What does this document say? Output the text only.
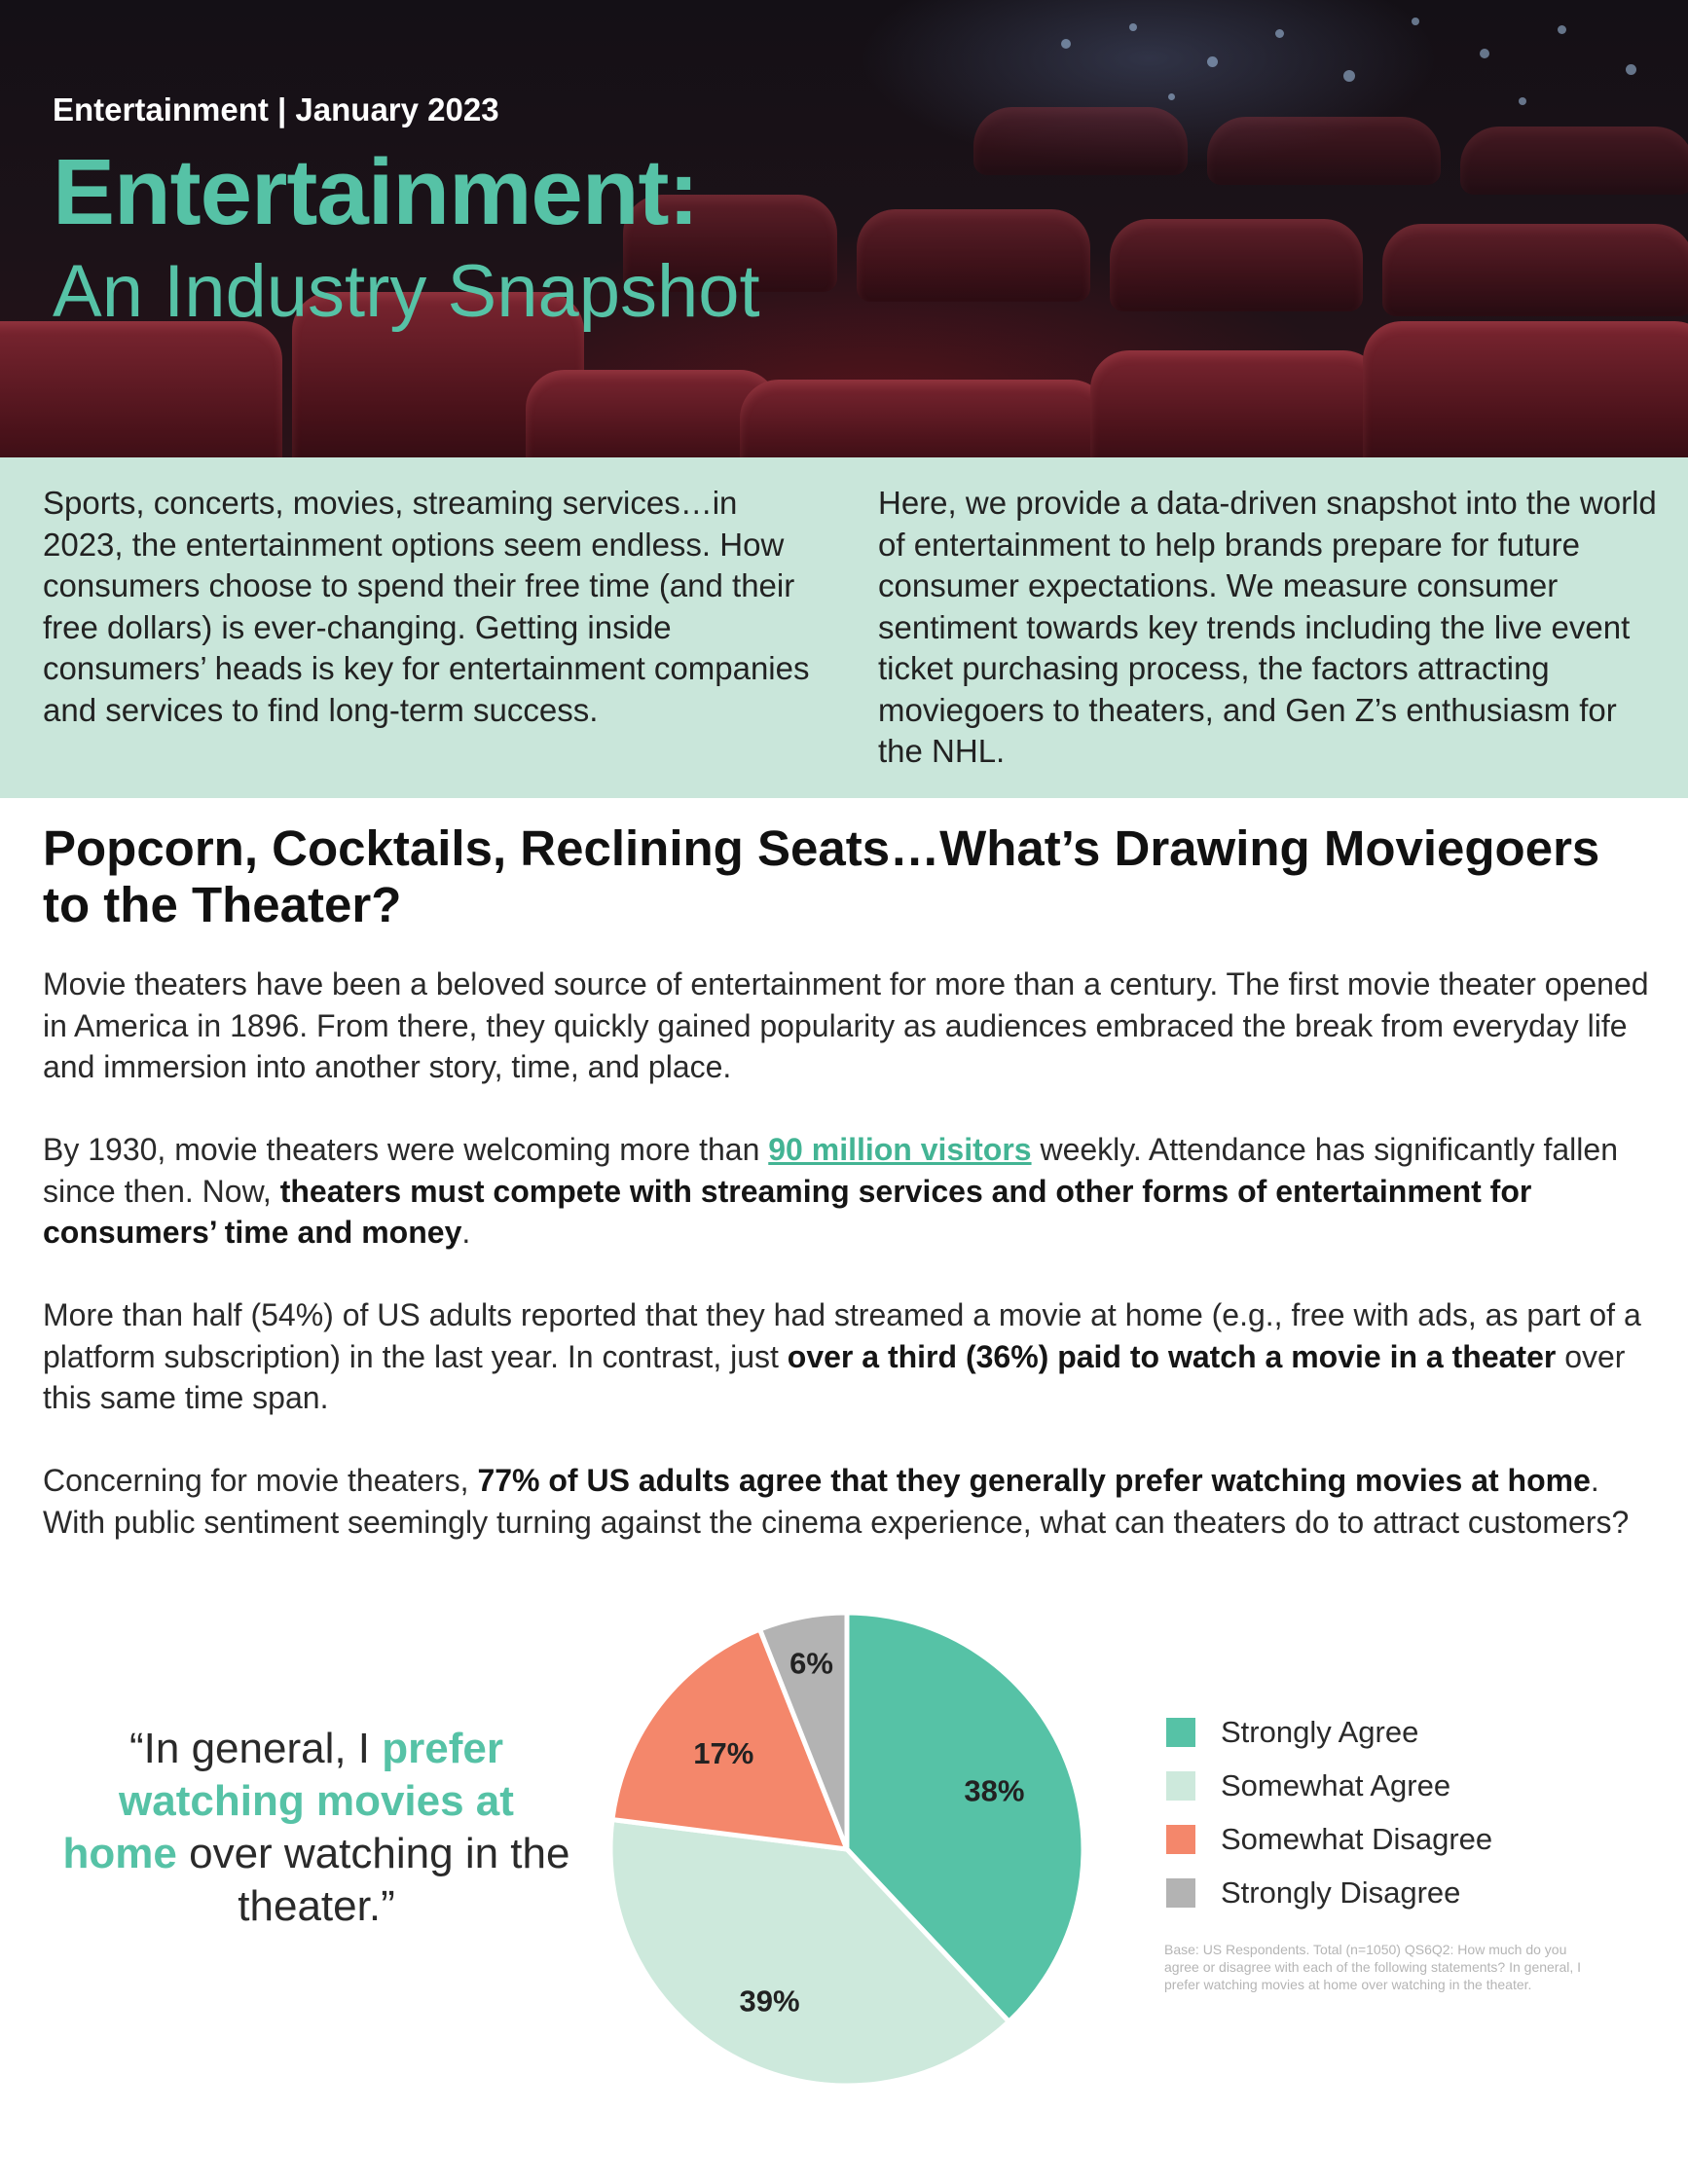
Entertainment | January 2023
Entertainment:
An Industry Snapshot

Sports, concerts, movies, streaming services…in 2023, the entertainment options seem endless. How consumers choose to spend their free time (and their free dollars) is ever-changing. Getting inside consumers’ heads is key for entertainment companies and services to find long-term success.

Here, we provide a data-driven snapshot into the world of entertainment to help brands prepare for future consumer expectations. We measure consumer sentiment towards key trends including the live event ticket purchasing process, the factors attracting moviegoers to theaters, and Gen Z’s enthusiasm for the NHL.

Popcorn, Cocktails, Reclining Seats…What’s Drawing Moviegoers to the Theater?

Movie theaters have been a beloved source of entertainment for more than a century. The first movie theater opened in America in 1896. From there, they quickly gained popularity as audiences embraced the break from everyday life and immersion into another story, time, and place.

By 1930, movie theaters were welcoming more than 90 million visitors weekly. Attendance has significantly fallen since then. Now, theaters must compete with streaming services and other forms of entertainment for consumers’ time and money.

More than half (54%) of US adults reported that they had streamed a movie at home (e.g., free with ads, as part of a platform subscription) in the last year. In contrast, just over a third (36%) paid to watch a movie in a theater over this same time span.

Concerning for movie theaters, 77% of US adults agree that they generally prefer watching movies at home. With public sentiment seemingly turning against the cinema experience, what can theaters do to attract customers?

“In general, I prefer watching movies at
home over watching in the theater.”
38%
39%
17%
6%
Strongly Agree
Somewhat Agree
Somewhat Disagree
Strongly Disagree
Base: US Respondents. Total (n=1050) QS6Q2: How much do you agree or disagree with each of the following statements? In general, I prefer watching movies at home over watching in the theater.
